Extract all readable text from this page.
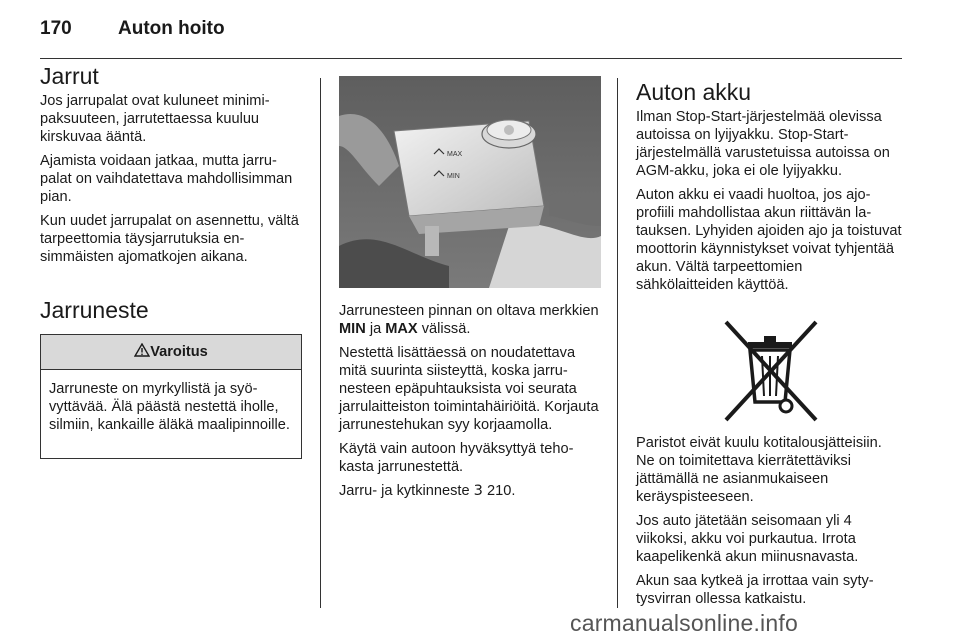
170 Auton hoito
Jarrut

Jos jarrupalat ovat kuluneet minimipaksuuteen, jarrutettaessa kuuluu kirskuvaa ääntä.

Ajamista voidaan jatkaa, mutta jarrupalat on vaihdatettava mahdollisimman pian.

Kun uudet jarrupalat on asennettu, vältä tarpeettomia täysjarrutuksia ensimmäisten ajomatkojen aikana.

Jarruneste
Varoitus
Jarruneste on myrkyllistä ja syövyttävää. Älä päästä nestettä iholle, silmiin, kankaille äläkä maalipinnoille.
MAX
MIN

Jarrunesteen pinnan on oltava merkkien MIN ja MAX välissä.

Nestettä lisättäessä on noudatettava mitä suurinta siisteyttä, koska jarrunesteen epäpuhtauksista voi seurata jarrulaitteiston toimintahäiriöitä. Korjauta jarrunestehukan syy korjaamolla.

Käytä vain autoon hyväksyttyä tehokasta jarrunestettä.

Jarru- ja kytkinneste 3 210.

Auton akku

Ilman Stop-Start-järjestelmää olevissa autoissa on lyijyakku. Stop-Start-järjestelmällä varustetuissa autoissa on AGM-akku, joka ei ole lyijyakku.

Auton akku ei vaadi huoltoa, jos ajoprofiili mahdollistaa akun riittävän latauksen. Lyhyiden ajoiden ajo ja toistuvat moottorin käynnistykset voivat tyhjentää akun. Vältä tarpeettomien sähkölaitteiden käyttöä.

Paristot eivät kuulu kotitalousjätteisiin. Ne on toimitettava kierrätettäviksi jättämällä ne asianmukaiseen keräyspisteeseen.

Jos auto jätetään seisomaan yli 4 viikoksi, akku voi purkautua. Irrota kaapelikenkä akun miinusnavasta.

Akun saa kytkeä ja irrottaa vain sytytysvirran ollessa katkaistu.

carmanualsonline.info
